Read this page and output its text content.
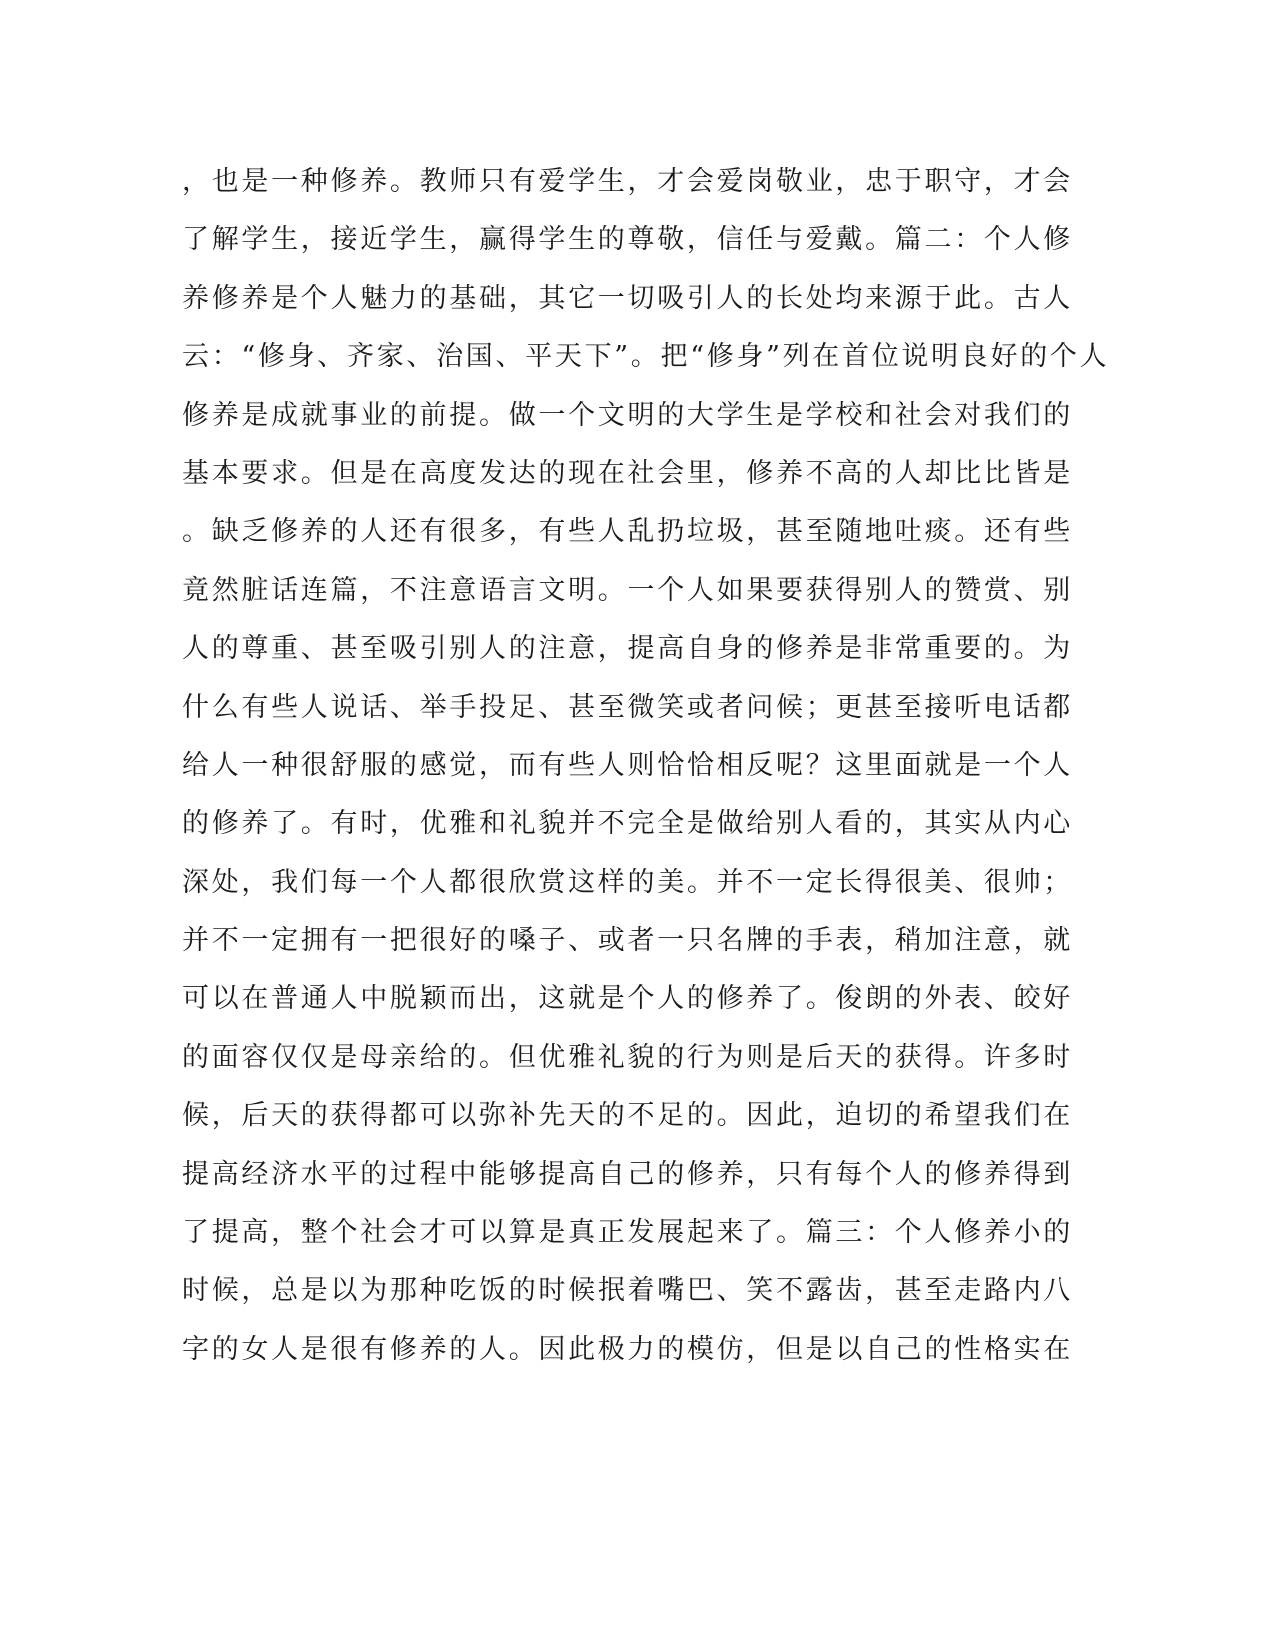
，也是一种修养。教师只有爱学生，才会爱岗敬业，忠于职守，才会
了解学生，接近学生，赢得学生的尊敬，信任与爱戴。篇二：个人修
养修养是个人魅力的基础，其它一切吸引人的长处均来源于此。古人
云：“修身、齐家、治国、平天下”。把“修身”列在首位说明良好的个人
修养是成就事业的前提。做一个文明的大学生是学校和社会对我们的
基本要求。但是在高度发达的现在社会里，修养不高的人却比比皆是
。缺乏修养的人还有很多，有些人乱扔垃圾，甚至随地吐痰。还有些
竟然脏话连篇，不注意语言文明。一个人如果要获得别人的赞赏、别
人的尊重、甚至吸引别人的注意，提高自身的修养是非常重要的。为
什么有些人说话、举手投足、甚至微笑或者问候；更甚至接听电话都
给人一种很舒服的感觉，而有些人则恰恰相反呢？这里面就是一个人
的修养了。有时，优雅和礼貌并不完全是做给别人看的，其实从内心
深处，我们每一个人都很欣赏这样的美。并不一定长得很美、很帅；
并不一定拥有一把很好的嗓子、或者一只名牌的手表，稍加注意，就
可以在普通人中脱颖而出，这就是个人的修养了。俊朗的外表、皎好
的面容仅仅是母亲给的。但优雅礼貌的行为则是后天的获得。许多时
候，后天的获得都可以弥补先天的不足的。因此，迫切的希望我们在
提高经济水平的过程中能够提高自己的修养，只有每个人的修养得到
了提高，整个社会才可以算是真正发展起来了。篇三：个人修养小的
时候，总是以为那种吃饭的时候抿着嘴巴、笑不露齿，甚至走路内八
字的女人是很有修养的人。因此极力的模仿，但是以自己的性格实在
